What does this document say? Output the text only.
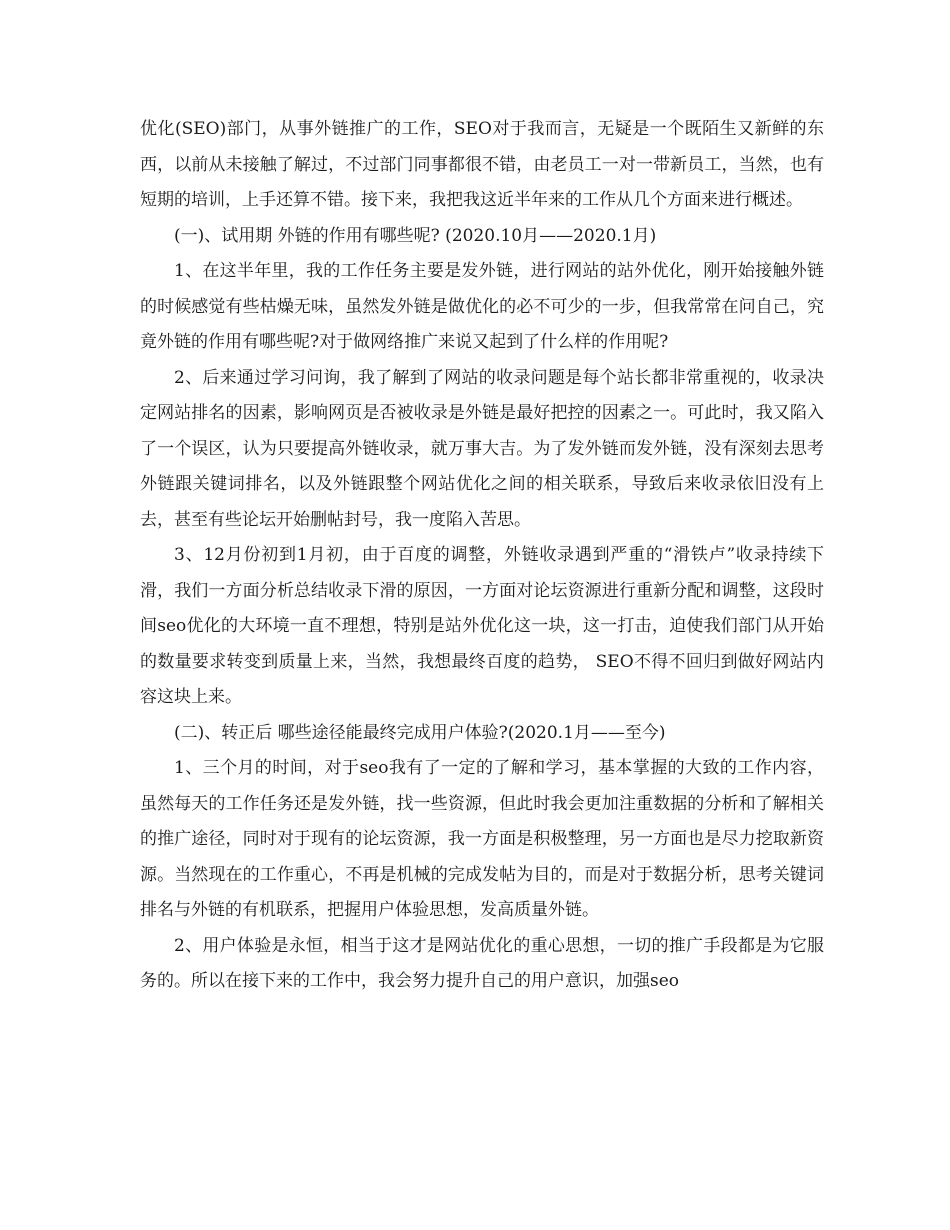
优化(SEO)部门，从事外链推广的工作，SEO对于我而言，无疑是一个既陌生又新鲜的东西，以前从未接触了解过，不过部门同事都很不错，由老员工一对一带新员工，当然，也有短期的培训，上手还算不错。接下来，我把我这近半年来的工作从几个方面来进行概述。

(一)、试用期 外链的作用有哪些呢? (2020.10月——2020.1月)

1、在这半年里，我的工作任务主要是发外链，进行网站的站外优化，刚开始接触外链的时候感觉有些枯燥无味，虽然发外链是做优化的必不可少的一步，但我常常在问自己，究竟外链的作用有哪些呢?对于做网络推广来说又起到了什么样的作用呢?

2、后来通过学习问询，我了解到了网站的收录问题是每个站长都非常重视的，收录决定网站排名的因素，影响网页是否被收录是外链是最好把控的因素之一。可此时，我又陷入了一个误区，认为只要提高外链收录，就万事大吉。为了发外链而发外链，没有深刻去思考外链跟关键词排名，以及外链跟整个网站优化之间的相关联系，导致后来收录依旧没有上去，甚至有些论坛开始删帖封号，我一度陷入苦思。

3、12月份初到1月初，由于百度的调整，外链收录遇到严重的“滑铁卢”收录持续下滑，我们一方面分析总结收录下滑的原因，一方面对论坛资源进行重新分配和调整，这段时间seo优化的大环境一直不理想，特别是站外优化这一块，这一打击，迫使我们部门从开始的数量要求转变到质量上来，当然，我想最终百度的趋势， SEO不得不回归到做好网站内容这块上来。

(二)、转正后 哪些途径能最终完成用户体验?(2020.1月——至今)

1、三个月的时间，对于seo我有了一定的了解和学习，基本掌握的大致的工作内容，虽然每天的工作任务还是发外链，找一些资源，但此时我会更加注重数据的分析和了解相关的推广途径，同时对于现有的论坛资源，我一方面是积极整理，另一方面也是尽力挖取新资源。当然现在的工作重心，不再是机械的完成发帖为目的，而是对于数据分析，思考关键词排名与外链的有机联系，把握用户体验思想，发高质量外链。

2、用户体验是永恒，相当于这才是网站优化的重心思想，一切的推广手段都是为它服务的。所以在接下来的工作中，我会努力提升自己的用户意识，加强seo
